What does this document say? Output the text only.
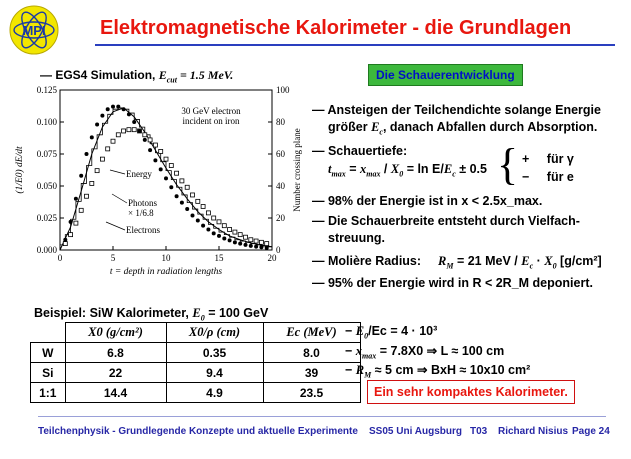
MPI	Elektromagnetische Kalorimeter - die Grundlagen
— EGS4 Simulation, $E_{cut} = 1.5$ MeV.	Die Schauerentwicklung
0	5	10	15	20
0.000
0.025
0.050
0.075
0.100
0.125
0
20
40
60
80
100
t = depth in radiation lengths
(1/E0) dE/dt	Number crossing plane
30 GeV electron
incident on iron
Energy
Photons
× 1/6.8
Electrons
— Ansteigen der Teilchendichte solange Energie
größer $E_c$, danach Abfallen durch Absorption.
— Schauertiefe:
$t_{max} = x_{max} / X_0 = \ln E/E_c \pm 0.5$ { + für γ
− für e
— 98% der Energie ist in x < 2.5x_max.
— Die Schauerbreite entsteht durch Vielfach-
streuung.
— Molière Radius: $R_M = 21$ MeV / $E_c \cdot X_0$ [g/cm²]
— 95% der Energie wird in R < 2R_M deponiert.
Beispiel: SiW Kalorimeter, $E_0 = 100$ GeV
	X0 (g/cm²)	X0/ρ (cm)	Ec (MeV)
W	6.8	0.35	8.0
Si	22	9.4	39
1:1	14.4	4.9	23.5
− $E_0/Ec = 4 \cdot 10^3$
− $x_{max} = 7.8X0$ ⇒ L ≈ 100 cm
− $R_M \approx 5$ cm ⇒ BxH ≈ 10x10 cm²
Ein sehr kompaktes Kalorimeter.
Teilchenphysik - Grundlegende Konzepte und aktuelle Experimente SS05 Uni Augsburg T03 Richard Nisius Page 24
